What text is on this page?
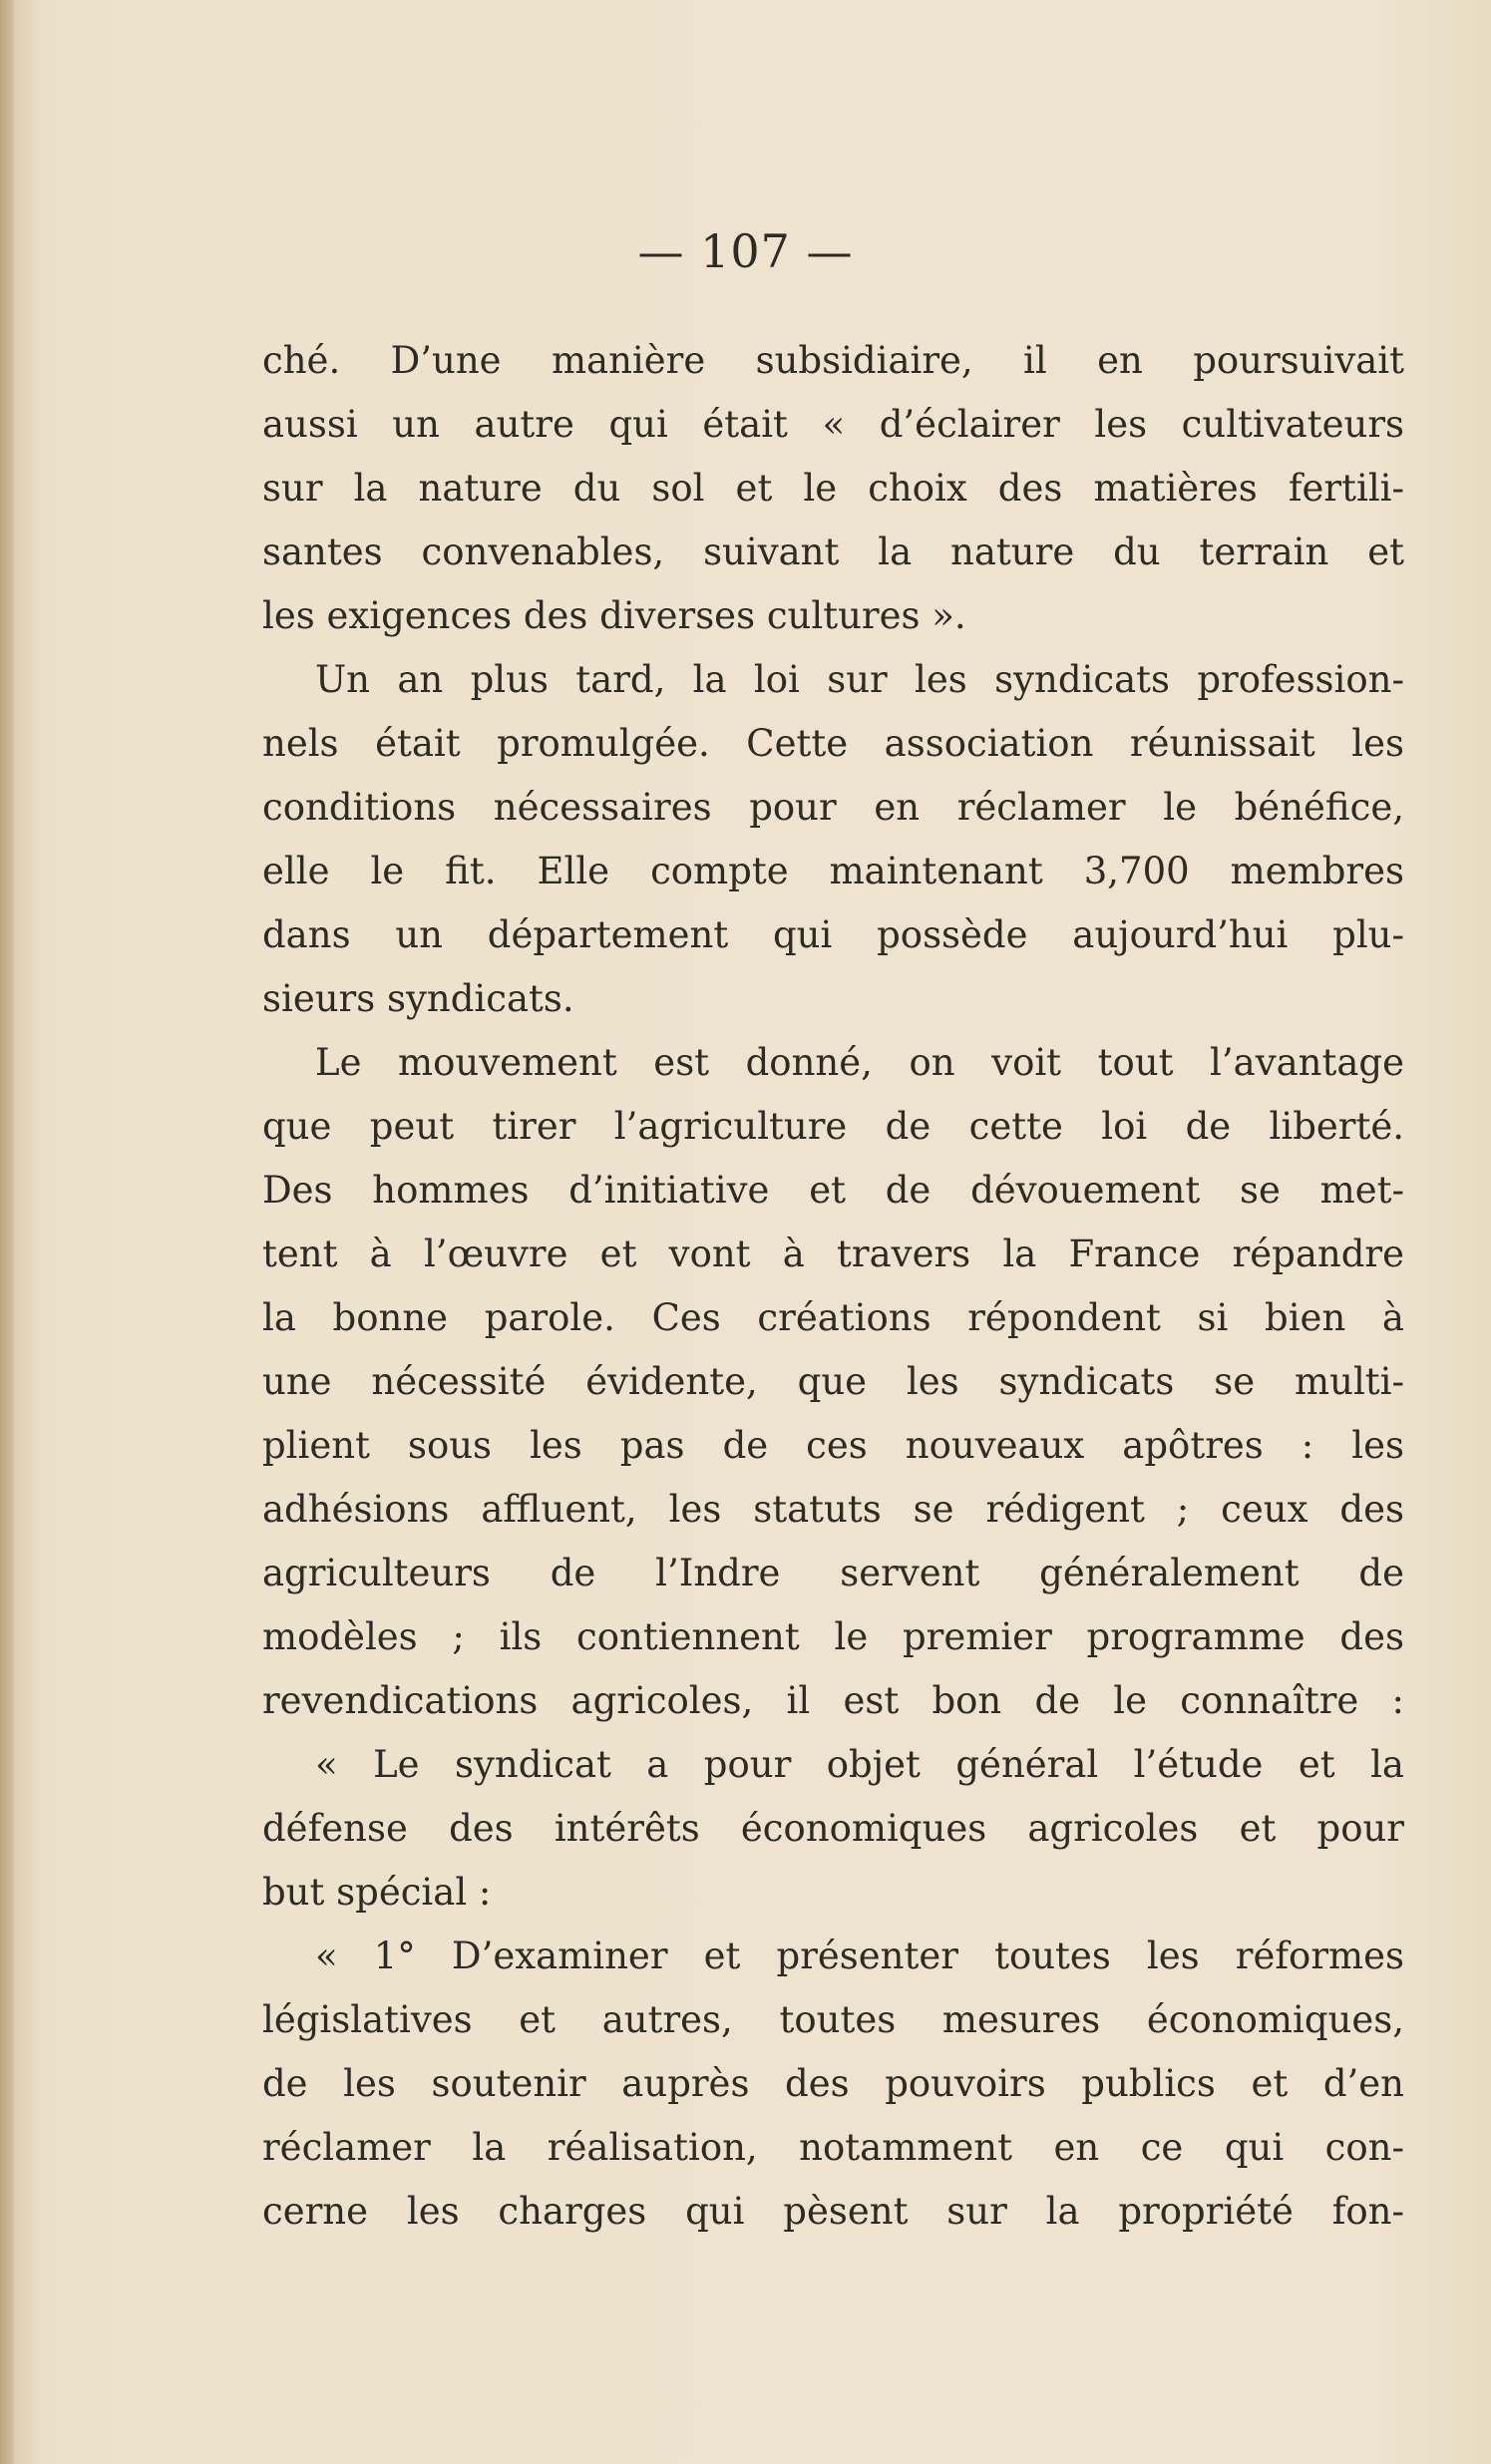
— 107 —
ché. D’une manière subsidiaire, il en poursuivait
aussi un autre qui était « d’éclairer les cultivateurs
sur la nature du sol et le choix des matières fertili-
santes convenables, suivant la nature du terrain et
les exigences des diverses cultures ».
Un an plus tard, la loi sur les syndicats profession-
nels était promulgée. Cette association réunissait les
conditions nécessaires pour en réclamer le bénéfice,
elle le fit. Elle compte maintenant 3,700 membres
dans un département qui possède aujourd’hui plu-
sieurs syndicats.
Le mouvement est donné, on voit tout l’avantage
que peut tirer l’agriculture de cette loi de liberté.
Des hommes d’initiative et de dévouement se met-
tent à l’œuvre et vont à travers la France répandre
la bonne parole. Ces créations répondent si bien à
une nécessité évidente, que les syndicats se multi-
plient sous les pas de ces nouveaux apôtres : les
adhésions affluent, les statuts se rédigent ; ceux des
agriculteurs de l’Indre servent généralement de
modèles ; ils contiennent le premier programme des
revendications agricoles, il est bon de le connaître :
« Le syndicat a pour objet général l’étude et la
défense des intérêts économiques agricoles et pour
but spécial :
« 1° D’examiner et présenter toutes les réformes
législatives et autres, toutes mesures économiques,
de les soutenir auprès des pouvoirs publics et d’en
réclamer la réalisation, notamment en ce qui con-
cerne les charges qui pèsent sur la propriété fon-
